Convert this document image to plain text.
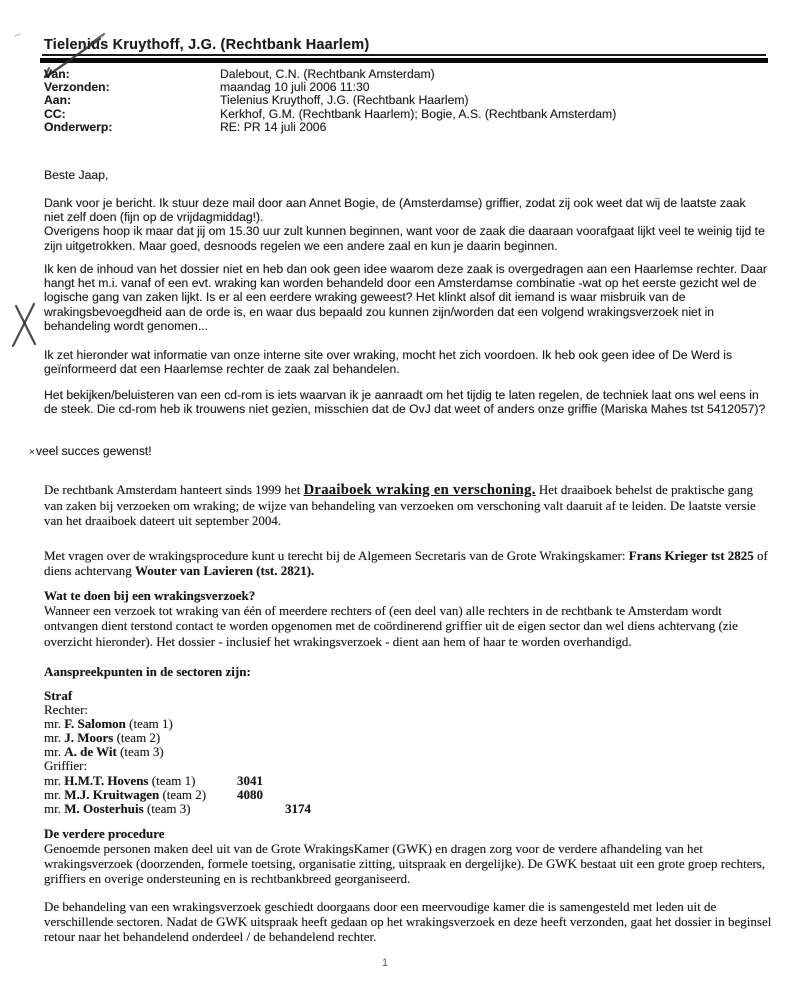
Tielenius Kruythoff, J.G. (Rechtbank Haarlem)
Van:	Dalebout, C.N. (Rechtbank Amsterdam)
Verzonden:	maandag 10 juli 2006 11:30
Aan:	Tielenius Kruythoff, J.G. (Rechtbank Haarlem)
CC:	Kerkhof, G.M. (Rechtbank Haarlem); Bogie, A.S. (Rechtbank Amsterdam)
Onderwerp:	RE: PR 14 juli 2006
Beste Jaap,
Dank voor je bericht. Ik stuur deze mail door aan Annet Bogie, de (Amsterdamse) griffier, zodat zij ook weet dat wij de laatste zaak niet zelf doen (fijn op de vrijdagmiddag!).
Overigens hoop ik maar dat jij om 15.30 uur zult kunnen beginnen, want voor de zaak die daaraan voorafgaat lijkt veel te weinig tijd te zijn uitgetrokken. Maar goed, desnoods regelen we een andere zaal en kun je daarin beginnen.
Ik ken de inhoud van het dossier niet en heb dan ook geen idee waarom deze zaak is overgedragen aan een Haarlemse rechter. Daar hangt het m.i. vanaf of een evt. wraking kan worden behandeld door een Amsterdamse combinatie -wat op het eerste gezicht wel de logische gang van zaken lijkt. Is er al een eerdere wraking geweest? Het klinkt alsof dit iemand is waar misbruik van de wrakingsbevoegdheid aan de orde is, en waar dus bepaald zou kunnen zijn/worden dat een volgend wrakingsverzoek niet in behandeling wordt genomen...
Ik zet hieronder wat informatie van onze interne site over wraking, mocht het zich voordoen. Ik heb ook geen idee of De Werd is geïnformeerd dat een Haarlemse rechter de zaak zal behandelen.
Het bekijken/beluisteren van een cd-rom is iets waarvan ik je aanraadt om het tijdig te laten regelen, de techniek laat ons wel eens in de steek. Die cd-rom heb ik trouwens niet gezien, misschien dat de OvJ dat weet of anders onze griffie (Mariska Mahes tst 5412057)?
×veel succes gewenst!
De rechtbank Amsterdam hanteert sinds 1999 het Draaiboek wraking en verschoning. Het draaiboek behelst de praktische gang van zaken bij verzoeken om wraking; de wijze van behandeling van verzoeken om verschoning valt daaruit af te leiden. De laatste versie van het draaiboek dateert uit september 2004.
Met vragen over de wrakingsprocedure kunt u terecht bij de Algemeen Secretaris van de Grote Wrakingskamer: Frans Krieger tst 2825 of diens achtervang Wouter van Lavieren (tst. 2821).
Wat te doen bij een wrakingsverzoek?
Wanneer een verzoek tot wraking van één of meerdere rechters of (een deel van) alle rechters in de rechtbank te Amsterdam wordt ontvangen dient terstond contact te worden opgenomen met de coördinerend griffier uit de eigen sector dan wel diens achtervang (zie overzicht hieronder). Het dossier - inclusief het wrakingsverzoek - dient aan hem of haar te worden overhandigd.
Aanspreekpunten in de sectoren zijn:
Straf
Rechter:
mr. F. Salomon (team 1)
mr. J. Moors (team 2)
mr. A. de Wit (team 3)
Griffier:
mr. H.M.T. Hovens (team 1)	3041
mr. M.J. Kruitwagen (team 2)	4080
mr. M. Oosterhuis (team 3)	3174
De verdere procedure
Genoemde personen maken deel uit van de Grote WrakingsKamer (GWK) en dragen zorg voor de verdere afhandeling van het wrakingsverzoek (doorzenden, formele toetsing, organisatie zitting, uitspraak en dergelijke). De GWK bestaat uit een grote groep rechters, griffiers en overige ondersteuning en is rechtbankbreed georganiseerd.
De behandeling van een wrakingsverzoek geschiedt doorgaans door een meervoudige kamer die is samengesteld met leden uit de verschillende sectoren. Nadat de GWK uitspraak heeft gedaan op het wrakingsverzoek en deze heeft verzonden, gaat het dossier in beginsel retour naar het behandelend onderdeel / de behandelend rechter.
1
